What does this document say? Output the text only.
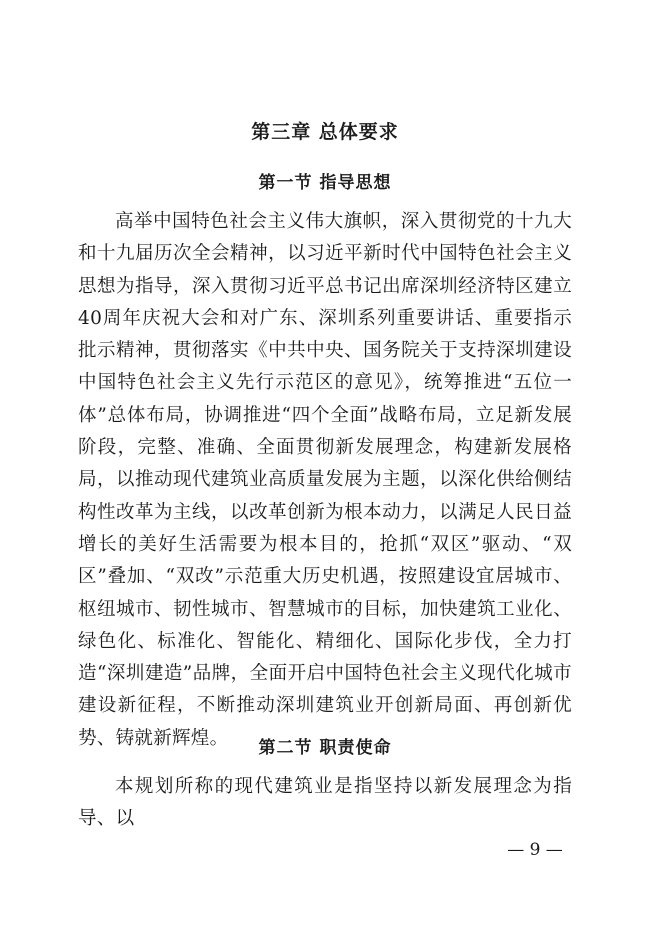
第三章 总体要求
第一节 指导思想

高举中国特色社会主义伟大旗帜，深入贯彻党的十九大和十九届历次全会精神，以习近平新时代中国特色社会主义思想为指导，深入贯彻习近平总书记出席深圳经济特区建立40周年庆祝大会和对广东、深圳系列重要讲话、重要指示批示精神，贯彻落实《中共中央、国务院关于支持深圳建设中国特色社会主义先行示范区的意见》，统筹推进“五位一体”总体布局，协调推进“四个全面”战略布局，立足新发展阶段，完整、准确、全面贯彻新发展理念，构建新发展格局，以推动现代建筑业高质量发展为主题，以深化供给侧结构性改革为主线，以改革创新为根本动力，以满足人民日益增长的美好生活需要为根本目的，抢抓“双区”驱动、“双区”叠加、“双改”示范重大历史机遇，按照建设宜居城市、枢纽城市、韧性城市、智慧城市的目标，加快建筑工业化、绿色化、标准化、智能化、精细化、国际化步伐，全力打造“深圳建造”品牌，全面开启中国特色社会主义现代化城市建设新征程，不断推动深圳建筑业开创新局面、再创新优势、铸就新辉煌。	第二节 职责使命

本规划所称的现代建筑业是指坚持以新发展理念为指导、以

— 9 —
